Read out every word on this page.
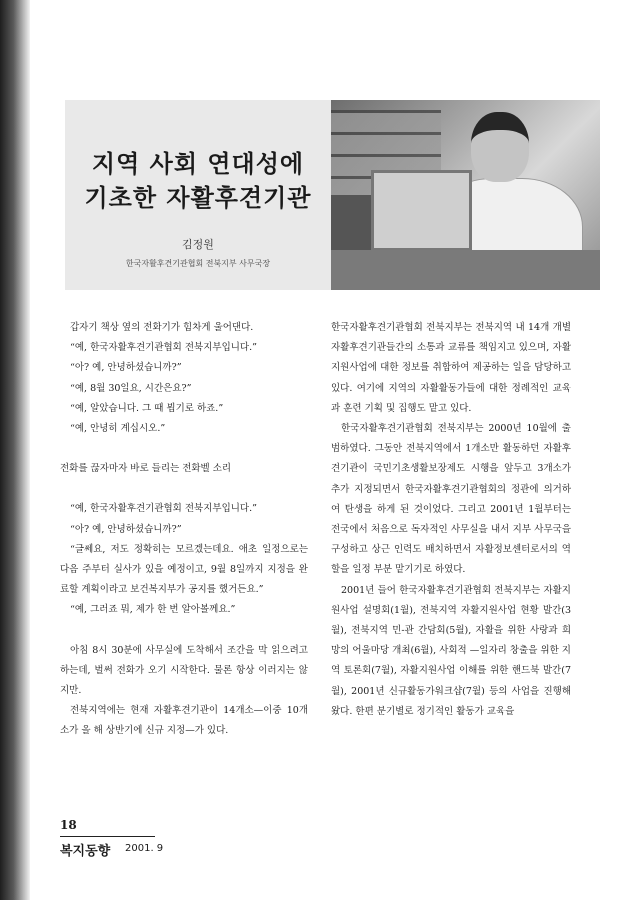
지역 사회 연대성에
기초한 자활후견기관
김정원
한국자활후견기관협회 전북지부 사무국장

갑자기 책상 옆의 전화기가 힘차게 울어댄다.

“예, 한국자활후견기관협회 전북지부입니다.”

“아? 예, 안녕하셨습니까?”

“예, 8월 30일요, 시간은요?”

“예, 알았습니다. 그 때 뵙기로 하죠.”

“예, 안녕히 계십시오.”

전화를 끊자마자 바로 들리는 전화벨 소리

“예, 한국자활후견기관협회 전북지부입니다.”

“아? 예, 안녕하셨습니까?”

“글쎄요, 저도 정확히는 모르겠는데요. 애초 일정으로는 다음 주부터 실사가 있을 예정이고, 9월 8일까지 지정을 완료할 계획이라고 보건복지부가 공지를 했거든요.”

“예, 그러죠 뭐, 제가 한 번 알아볼께요.”

아침 8시 30분에 사무실에 도착해서 조간을 막 읽으려고 하는데, 벌써 전화가 오기 시작한다. 물론 항상 이러지는 않지만.

전북지역에는 현재 자활후견기관이 14개소—이중 10개소가 올 해 상반기에 신규 지정—가 있다.

한국자활후견기관협회 전북지부는 전북지역 내 14개 개별 자활후견기관들간의 소통과 교류를 책임지고 있으며, 자활지원사업에 대한 정보를 취합하여 제공하는 일을 담당하고 있다. 여기에 지역의 자활활동가들에 대한 정례적인 교육과 훈련 기획 및 집행도 맡고 있다.

한국자활후견기관협회 전북지부는 2000년 10월에 출범하였다. 그동안 전북지역에서 1개소만 활동하던 자활후견기관이 국민기초생활보장제도 시행을 앞두고 3개소가 추가 지정되면서 한국자활후견기관협회의 정관에 의거하여 탄생을 하게 된 것이었다. 그리고 2001년 1월부터는 전국에서 처음으로 독자적인 사무실을 내서 지부 사무국을 구성하고 상근 인력도 배치하면서 자활정보센터로서의 역할을 일정 부분 맡기기로 하였다.

2001년 들어 한국자활후견기관협회 전북지부는 자활지원사업 설명회(1월), 전북지역 자활지원사업 현황 발간(3월), 전북지역 민-관 간담회(5월), 자활을 위한 사랑과 희망의 어울마당 개최(6월), 사회적 —일자리 창출을 위한 지역 토론회(7월), 자활지원사업 이해를 위한 핸드북 발간(7월), 2001년 신규활동가워크샵(7월) 등의 사업을 진행해왔다. 한편 분기별로 정기적인 활동가 교육을

18
복지동향 2001. 9
